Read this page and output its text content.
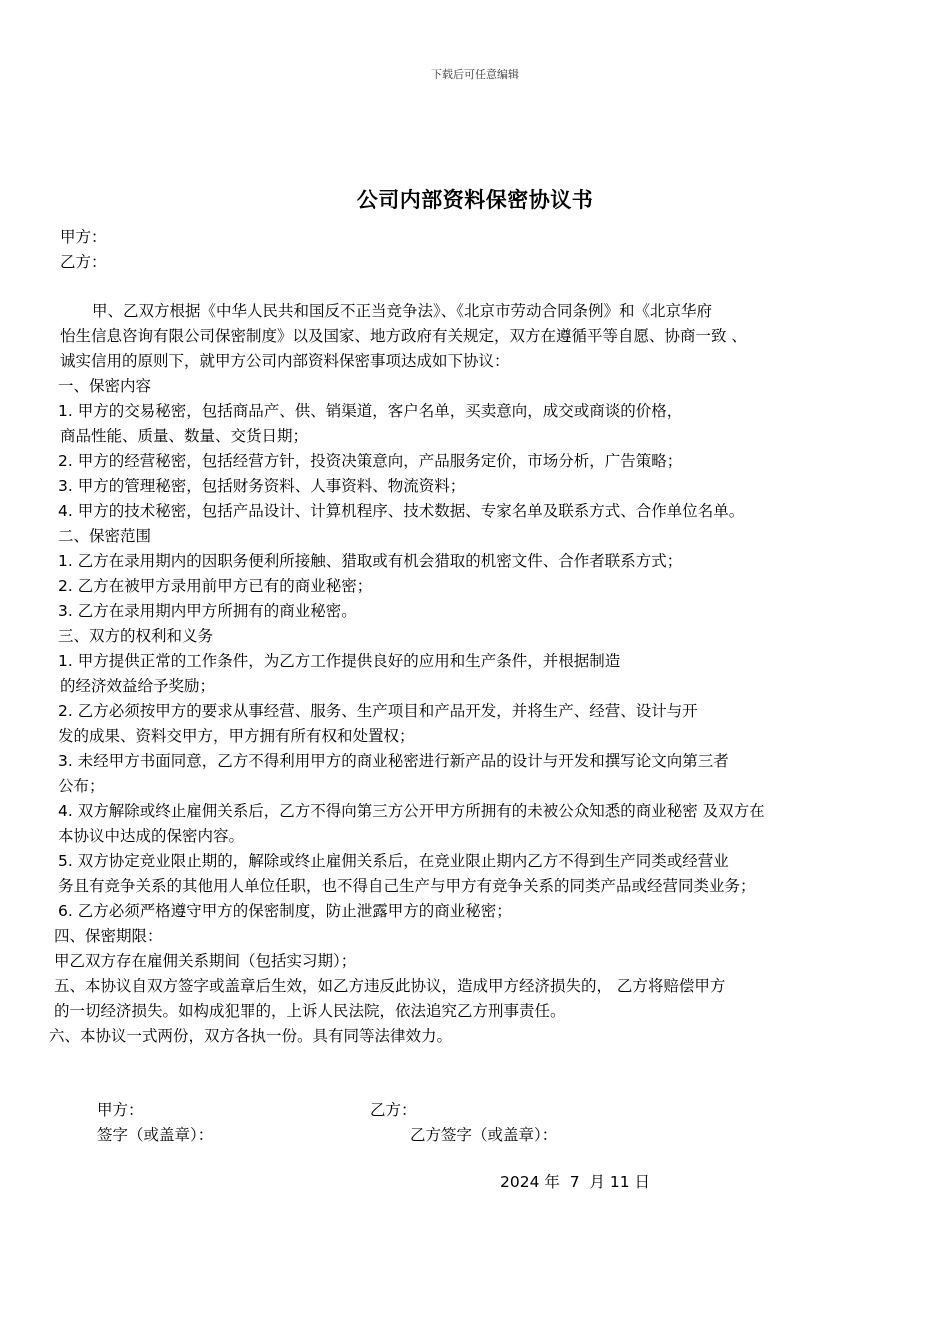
下载后可任意编辑
公司内部资料保密协议书
甲方：
乙方：
甲、乙双方根据《中华人民共和国反不正当竞争法》、《北京市劳动合同条例》和《北京华府
怡生信息咨询有限公司保密制度》以及国家、地方政府有关规定，双方在遵循平等自愿、协商一致 、
诚实信用的原则下，就甲方公司内部资料保密事项达成如下协议：
一、保密内容
1. 甲方的交易秘密，包括商品产、供、销渠道，客户名单，买卖意向，成交或商谈的价格，
商品性能、质量、数量、交货日期；
2. 甲方的经营秘密，包括经营方针，投资决策意向，产品服务定价，市场分析，广告策略；
3. 甲方的管理秘密，包括财务资料、人事资料、物流资料；
4. 甲方的技术秘密，包括产品设计、计算机程序、技术数据、专家名单及联系方式、合作单位名单。
二、保密范围
1. 乙方在录用期内的因职务便利所接触、猎取或有机会猎取的机密文件、合作者联系方式；
2. 乙方在被甲方录用前甲方已有的商业秘密；
3. 乙方在录用期内甲方所拥有的商业秘密。
三、双方的权利和义务
1. 甲方提供正常的工作条件，为乙方工作提供良好的应用和生产条件，并根据制造
的经济效益给予奖励；
2. 乙方必须按甲方的要求从事经营、服务、生产项目和产品开发，并将生产、经营、设计与开
发的成果、资料交甲方，甲方拥有所有权和处置权；
3. 未经甲方书面同意，乙方不得利用甲方的商业秘密进行新产品的设计与开发和撰写论文向第三者
公布；
4. 双方解除或终止雇佣关系后，乙方不得向第三方公开甲方所拥有的未被公众知悉的商业秘密 及双方在
本协议中达成的保密内容。
5. 双方协定竞业限止期的，解除或终止雇佣关系后，在竞业限止期内乙方不得到生产同类或经营业
务且有竞争关系的其他用人单位任职，也不得自己生产与甲方有竞争关系的同类产品或经营同类业务；
6. 乙方必须严格遵守甲方的保密制度，防止泄露甲方的商业秘密；
四、保密期限：
甲乙双方存在雇佣关系期间（包括实习期）；
五、本协议自双方签字或盖章后生效，如乙方违反此协议，造成甲方经济损失的， 乙方将赔偿甲方
的一切经济损失。如构成犯罪的，上诉人民法院，依法追究乙方刑事责任。
六、本协议一式两份，双方各执一份。具有同等法律效力。
甲方：	乙方：
签字（或盖章）：	乙方签字（或盖章）：
2024 年  7  月 11 日
